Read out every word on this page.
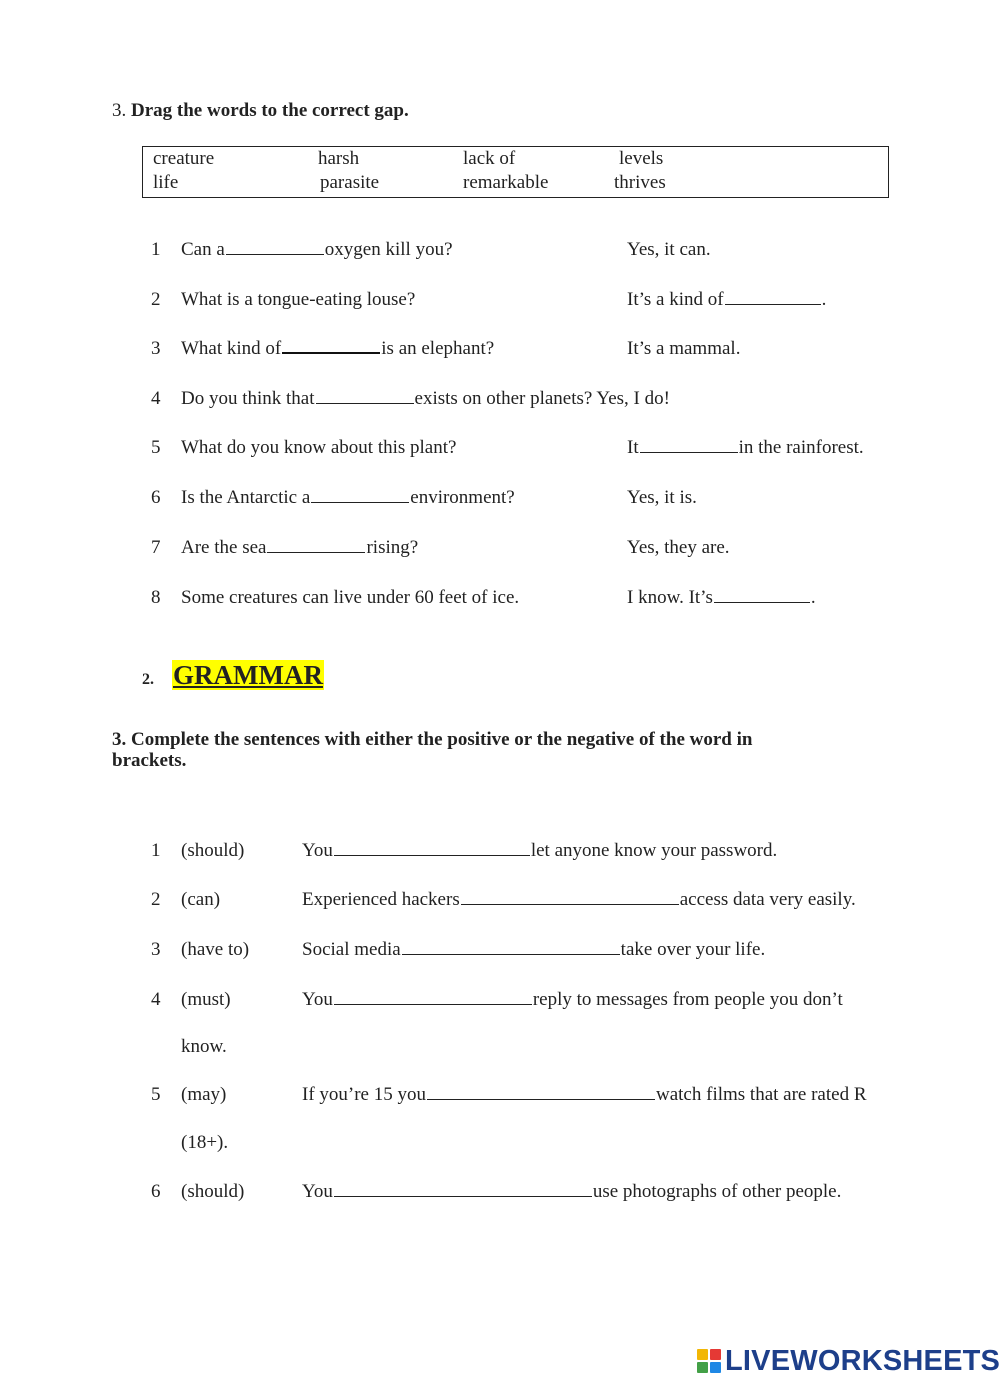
3. Drag the words to the correct gap.
creature	harsh	lack of	levels
life	parasite	remarkable	thrives
1 Can a	oxygen kill you?	Yes, it can.
2 What is a tongue-eating louse?	It’s a kind of	.
3 What kind of	is an elephant?	It’s a mammal.
4 Do you think that	exists on other planets? Yes, I do!
5 What do you know about this plant?	It	in the rainforest.
6 Is the Antarctic a	environment?	Yes, it is.
7 Are the sea	rising?	Yes, they are.
8 Some creatures can live under 60 feet of ice.	I know. It’s	.
2. GRAMMAR
3. Complete the sentences with either the positive or the negative of the word in
brackets.
1 (should)	You	let anyone know your password.
2 (can)	Experienced hackers	access data very easily.
3 (have to)	Social media	take over your life.
4 (must)	You	reply to messages from people you don’t
know.
5 (may)	If you’re 15 you	watch films that are rated R
(18+).
6 (should)	You	use photographs of other people.
LIVEWORKSHEETS
